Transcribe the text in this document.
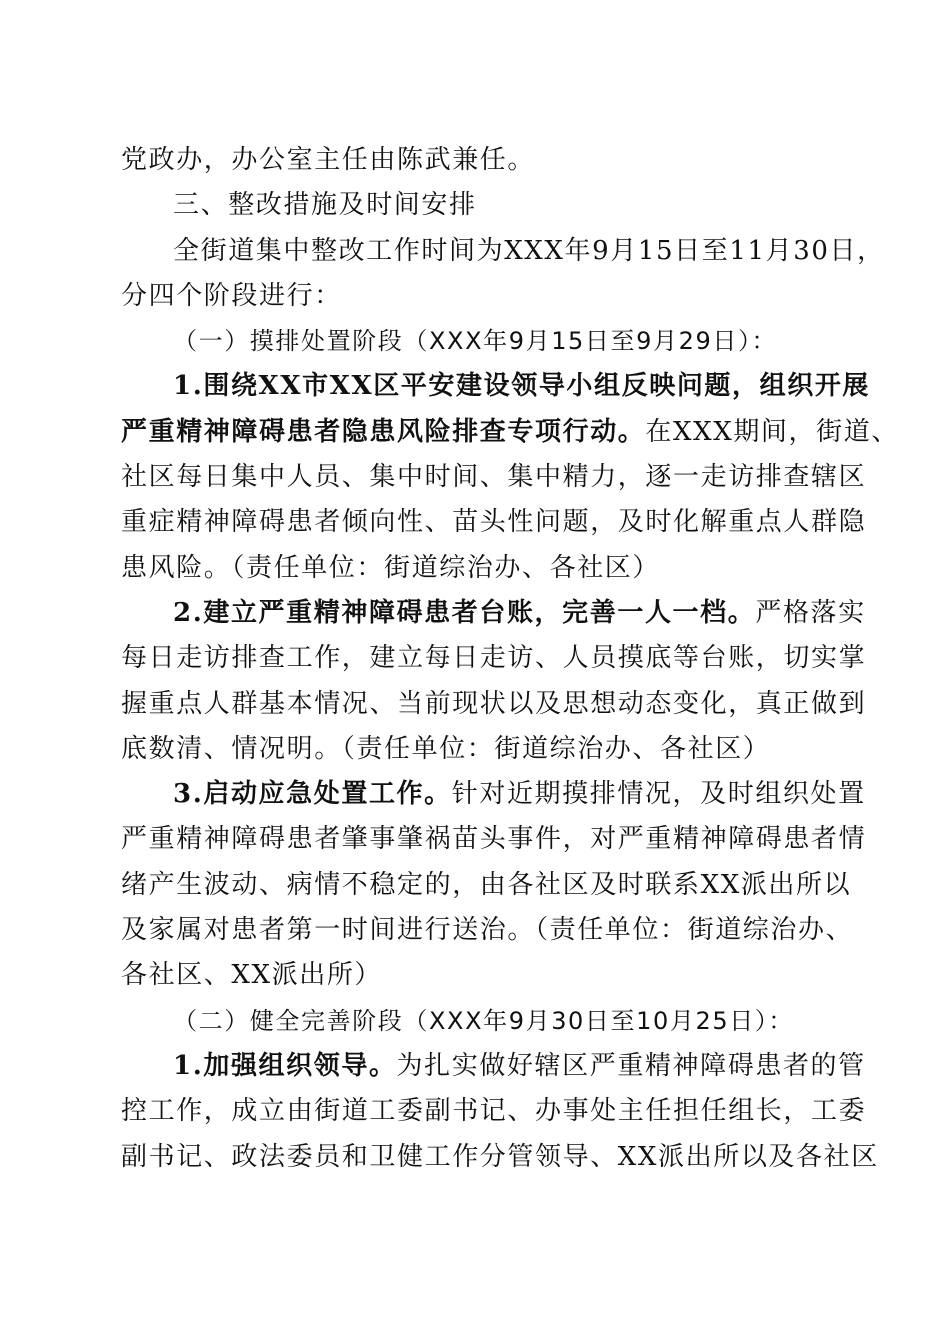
党政办，办公室主任由陈武兼任。
三、整改措施及时间安排
全街道集中整改工作时间为XXX年9月15日至11月30日，
分四个阶段进行：
（一）摸排处置阶段（XXX年9月15日至9月29日）：
1.围绕XX市XX区平安建设领导小组反映问题，组织开展
严重精神障碍患者隐患风险排查专项行动。在XXX期间，街道、
社区每日集中人员、集中时间、集中精力，逐一走访排查辖区
重症精神障碍患者倾向性、苗头性问题，及时化解重点人群隐
患风险。（责任单位：街道综治办、各社区）
2.建立严重精神障碍患者台账，完善一人一档。严格落实
每日走访排查工作，建立每日走访、人员摸底等台账，切实掌
握重点人群基本情况、当前现状以及思想动态变化，真正做到
底数清、情况明。（责任单位：街道综治办、各社区）
3.启动应急处置工作。针对近期摸排情况，及时组织处置
严重精神障碍患者肇事肇祸苗头事件，对严重精神障碍患者情
绪产生波动、病情不稳定的，由各社区及时联系XX派出所以
及家属对患者第一时间进行送治。（责任单位：街道综治办、
各社区、XX派出所）
（二）健全完善阶段（XXX年9月30日至10月25日）：
1.加强组织领导。为扎实做好辖区严重精神障碍患者的管
控工作，成立由街道工委副书记、办事处主任担任组长，工委
副书记、政法委员和卫健工作分管领导、XX派出所以及各社区
